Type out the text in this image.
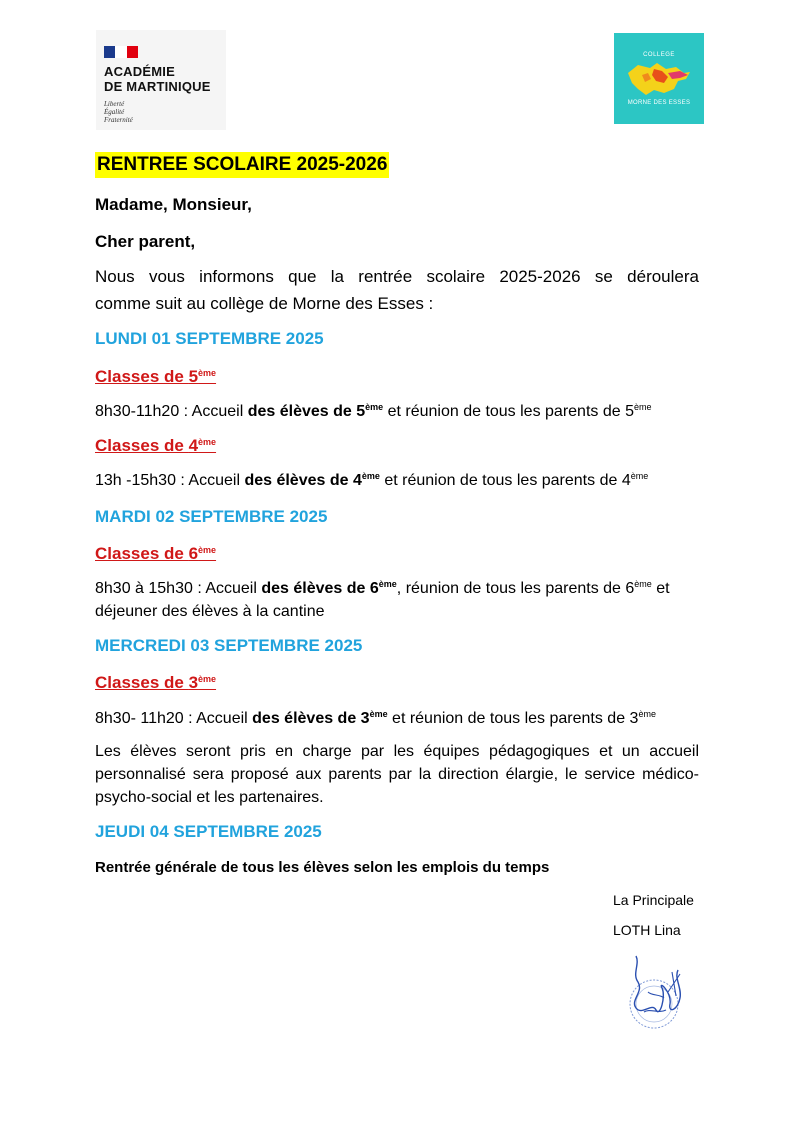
ACADÉMIE
DE MARTINIQUE
Liberté
Égalité
Fraternité
COLLEGE
MORNE DES ESSES
RENTREE SCOLAIRE 2025-2026
Madame, Monsieur,
Cher parent,
Nous vous informons que la rentrée scolaire 2025-2026 se déroulera
comme suit au collège de Morne des Esses :
LUNDI 01 SEPTEMBRE 2025
Classes de 5ème
8h30-11h20 : Accueil des élèves de 5ème et réunion de tous les parents de 5ème
Classes de 4ème
13h -15h30 : Accueil des élèves de 4ème et réunion de tous les parents de 4ème
MARDI 02 SEPTEMBRE 2025
Classes de 6ème
8h30 à 15h30 : Accueil des élèves de 6ème, réunion de tous les parents de 6ème et
déjeuner des élèves à la cantine
MERCREDI 03 SEPTEMBRE 2025
Classes de 3ème
8h30- 11h20 : Accueil des élèves de 3ème et réunion de tous les parents de 3ème
Les élèves seront pris en charge par les équipes pédagogiques et un accueil
personnalisé sera proposé aux parents par la direction élargie, le service médico-
psycho-social et les partenaires.
JEUDI 04 SEPTEMBRE 2025
Rentrée générale de tous les élèves selon les emplois du temps
La Principale
LOTH Lina
